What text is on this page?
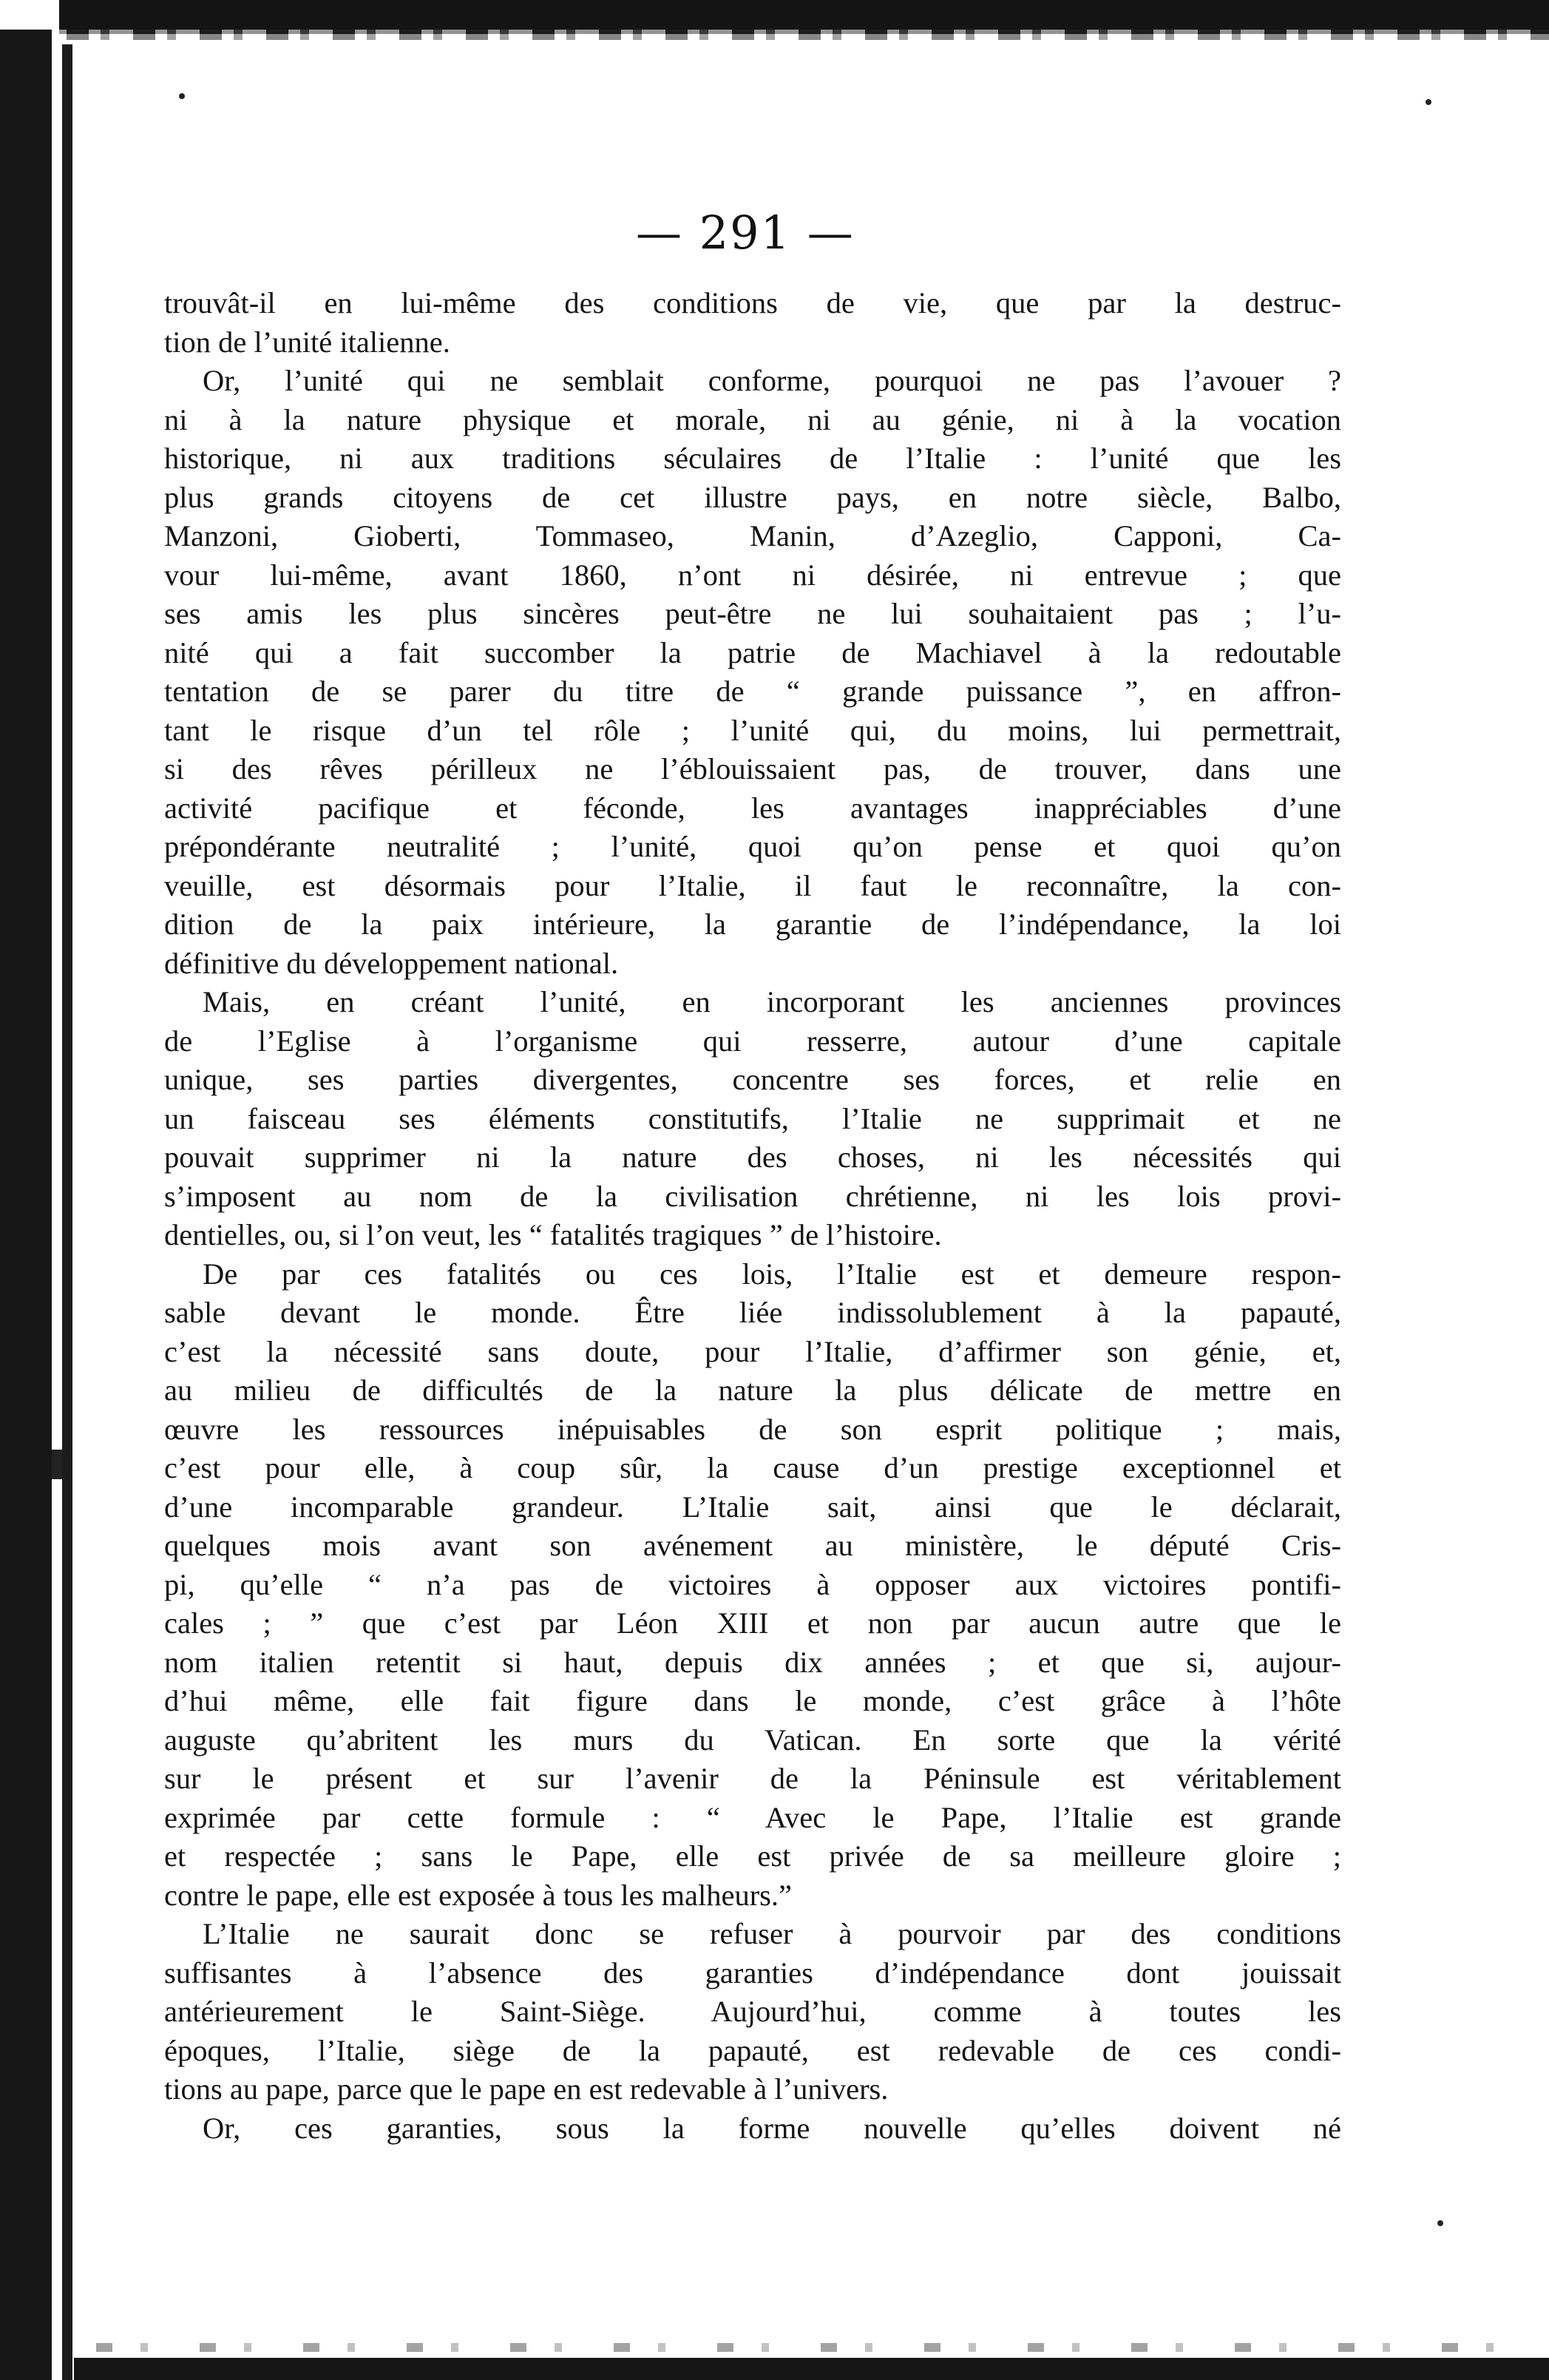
— 291 —
trouvât-il en lui-même des conditions de vie, que par la destruc-
tion de l’unité italienne.
Or, l’unité qui ne semblait conforme, pourquoi ne pas l’avouer ?
ni à la nature physique et morale, ni au génie, ni à la vocation
historique, ni aux traditions séculaires de l’Italie : l’unité que les
plus grands citoyens de cet illustre pays, en notre siècle, Balbo,
Manzoni, Gioberti, Tommaseo, Manin, d’Azeglio, Capponi, Ca-
vour lui-même, avant 1860, n’ont ni désirée, ni entrevue ; que
ses amis les plus sincères peut-être ne lui souhaitaient pas ; l’u-
nité qui a fait succomber la patrie de Machiavel à la redoutable
tentation de se parer du titre de “ grande puissance ”, en affron-
tant le risque d’un tel rôle ; l’unité qui, du moins, lui permettrait,
si des rêves périlleux ne l’éblouissaient pas, de trouver, dans une
activité pacifique et féconde, les avantages inappréciables d’une
prépondérante neutralité ; l’unité, quoi qu’on pense et quoi qu’on
veuille, est désormais pour l’Italie, il faut le reconnaître, la con-
dition de la paix intérieure, la garantie de l’indépendance, la loi
définitive du développement national.
Mais, en créant l’unité, en incorporant les anciennes provinces
de l’Eglise à l’organisme qui resserre, autour d’une capitale
unique, ses parties divergentes, concentre ses forces, et relie en
un faisceau ses éléments constitutifs, l’Italie ne supprimait et ne
pouvait supprimer ni la nature des choses, ni les nécessités qui
s’imposent au nom de la civilisation chrétienne, ni les lois provi-
dentielles, ou, si l’on veut, les “ fatalités tragiques ” de l’histoire.
De par ces fatalités ou ces lois, l’Italie est et demeure respon-
sable devant le monde. Être liée indissolublement à la papauté,
c’est la nécessité sans doute, pour l’Italie, d’affirmer son génie, et,
au milieu de difficultés de la nature la plus délicate de mettre en
œuvre les ressources inépuisables de son esprit politique ; mais,
c’est pour elle, à coup sûr, la cause d’un prestige exceptionnel et
d’une incomparable grandeur. L’Italie sait, ainsi que le déclarait,
quelques mois avant son avénement au ministère, le député Cris-
pi, qu’elle “ n’a pas de victoires à opposer aux victoires pontifi-
cales ; ” que c’est par Léon XIII et non par aucun autre que le
nom italien retentit si haut, depuis dix années ; et que si, aujour-
d’hui même, elle fait figure dans le monde, c’est grâce à l’hôte
auguste qu’abritent les murs du Vatican. En sorte que la vérité
sur le présent et sur l’avenir de la Péninsule est véritablement
exprimée par cette formule : “ Avec le Pape, l’Italie est grande
et respectée ; sans le Pape, elle est privée de sa meilleure gloire ;
contre le pape, elle est exposée à tous les malheurs.”
L’Italie ne saurait donc se refuser à pourvoir par des conditions
suffisantes à l’absence des garanties d’indépendance dont jouissait
antérieurement le Saint-Siège. Aujourd’hui, comme à toutes les
époques, l’Italie, siège de la papauté, est redevable de ces condi-
tions au pape, parce que le pape en est redevable à l’univers.
Or, ces garanties, sous la forme nouvelle qu’elles doivent né
